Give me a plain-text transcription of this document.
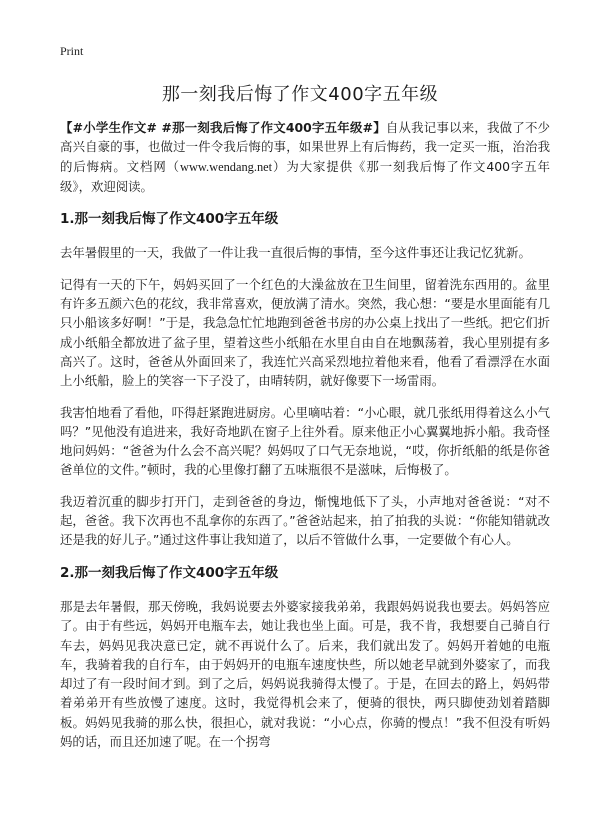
Print
那一刻我后悔了作文400字五年级

【#小学生作文# #那一刻我后悔了作文400字五年级#】自从我记事以来，我做了不少高兴自豪的事，也做过一件令我后悔的事，如果世界上有后悔药，我一定买一瓶，治治我的后悔病。文档网（www.wendang.net）为大家提供《那一刻我后悔了作文400字五年级》，欢迎阅读。

1.那一刻我后悔了作文400字五年级

去年暑假里的一天，我做了一件让我一直很后悔的事情，至今这件事还让我记忆犹新。

记得有一天的下午，妈妈买回了一个红色的大澡盆放在卫生间里，留着洗东西用的。盆里有许多五颜六色的花纹，我非常喜欢，便放满了清水。突然，我心想：“要是水里面能有几只小船该多好啊！”于是，我急急忙忙地跑到爸爸书房的办公桌上找出了一些纸。把它们折成小纸船全都放进了盆子里，望着这些小纸船在水里自由自在地飘荡着，我心里别提有多高兴了。这时，爸爸从外面回来了，我连忙兴高采烈地拉着他来看，他看了看漂浮在水面上小纸船，脸上的笑容一下子没了，由晴转阴，就好像要下一场雷雨。

我害怕地看了看他，吓得赶紧跑进厨房。心里嘀咕着：“小心眼，就几张纸用得着这么小气吗？”见他没有追进来，我好奇地趴在窗子上往外看。原来他正小心翼翼地拆小船。我奇怪地问妈妈：“爸爸为什么会不高兴呢？妈妈叹了口气无奈地说，“哎，你折纸船的纸是你爸爸单位的文件。”顿时，我的心里像打翻了五味瓶很不是滋味，后悔极了。

我迈着沉重的脚步打开门，走到爸爸的身边，惭愧地低下了头，小声地对爸爸说：“对不起，爸爸。我下次再也不乱拿你的东西了。”爸爸站起来，拍了拍我的头说：“你能知错就改还是我的好儿子。”通过这件事让我知道了，以后不管做什么事，一定要做个有心人。

2.那一刻我后悔了作文400字五年级

那是去年暑假，那天傍晚，我妈说要去外婆家接我弟弟，我跟妈妈说我也要去。妈妈答应了。由于有些远，妈妈开电瓶车去，她让我也坐上面。可是，我不肯，我想要自己骑自行车去，妈妈见我决意已定，就不再说什么了。后来，我们就出发了。妈妈开着她的电瓶车，我骑着我的自行车，由于妈妈开的电瓶车速度快些，所以她老早就到外婆家了，而我却过了有一段时间才到。到了之后，妈妈说我骑得太慢了。于是，在回去的路上，妈妈带着弟弟开有些放慢了速度。这时，我觉得机会来了，便骑的很快，两只脚使劲划着踏脚板。妈妈见我骑的那么快，很担心，就对我说：“小心点，你骑的慢点！”我不但没有听妈妈的话，而且还加速了呢。在一个拐弯
